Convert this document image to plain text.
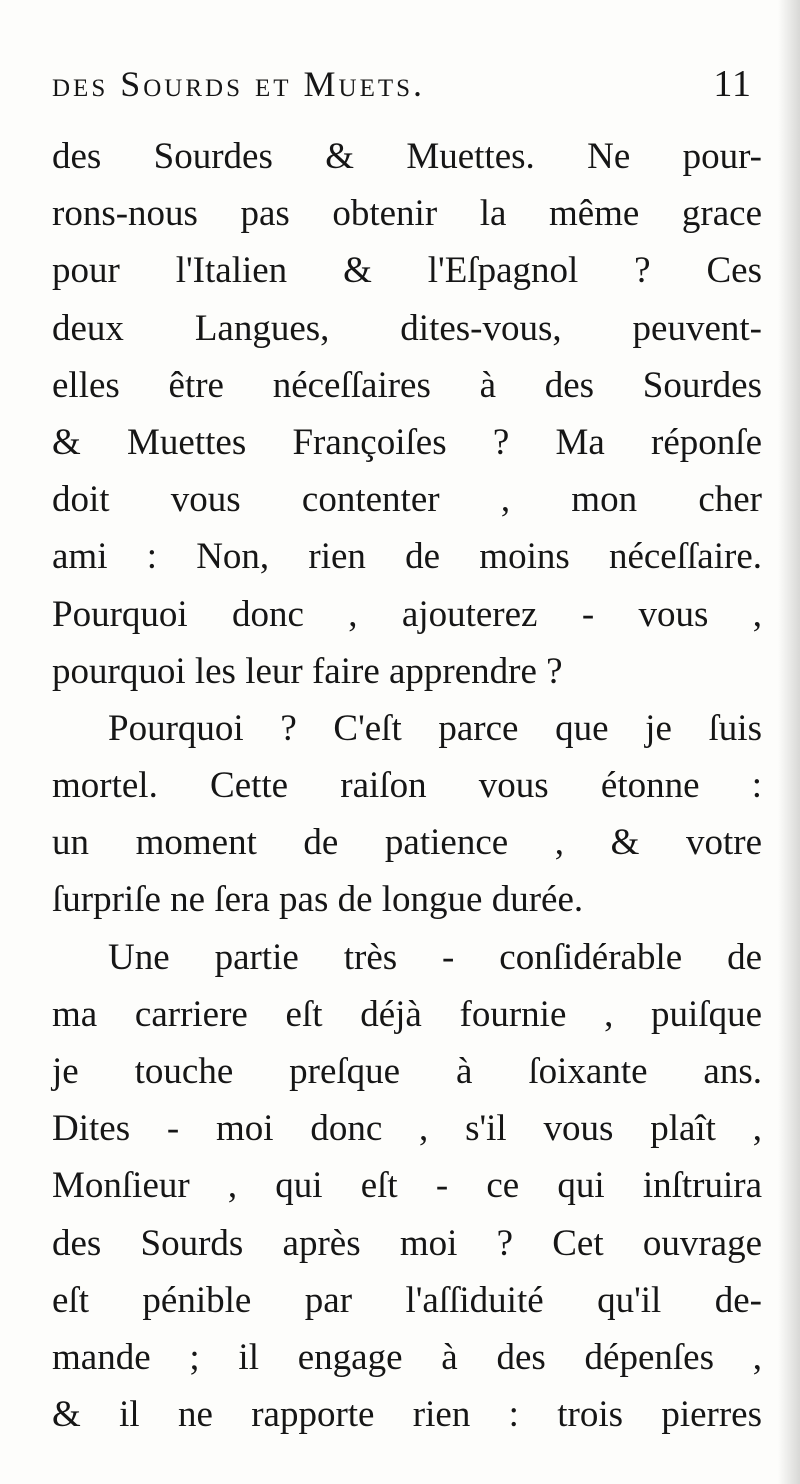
des Sourds et Muets.	11
des Sourdes & Muettes. Ne pour-
rons-nous pas obtenir la même grace
pour l'Italien & l'Eſpagnol ? Ces
deux Langues, dites-vous, peuvent-
elles être néceſſaires à des Sourdes
& Muettes Françoiſes ? Ma réponſe
doit vous contenter , mon cher
ami : Non, rien de moins néceſſaire.
Pourquoi donc , ajouterez - vous ,
pourquoi les leur faire apprendre ?
Pourquoi ? C'eſt parce que je ſuis
mortel. Cette raiſon vous étonne :
un moment de patience , & votre
ſurpriſe ne ſera pas de longue durée.
Une partie très - conſidérable de
ma carriere eſt déjà fournie , puiſque
je touche preſque à ſoixante ans.
Dites - moi donc , s'il vous plaît ,
Monſieur , qui eſt - ce qui inſtruira
des Sourds après moi ? Cet ouvrage
eſt pénible par l'aſſiduité qu'il de-
mande ; il engage à des dépenſes ,
& il ne rapporte rien : trois pierres
